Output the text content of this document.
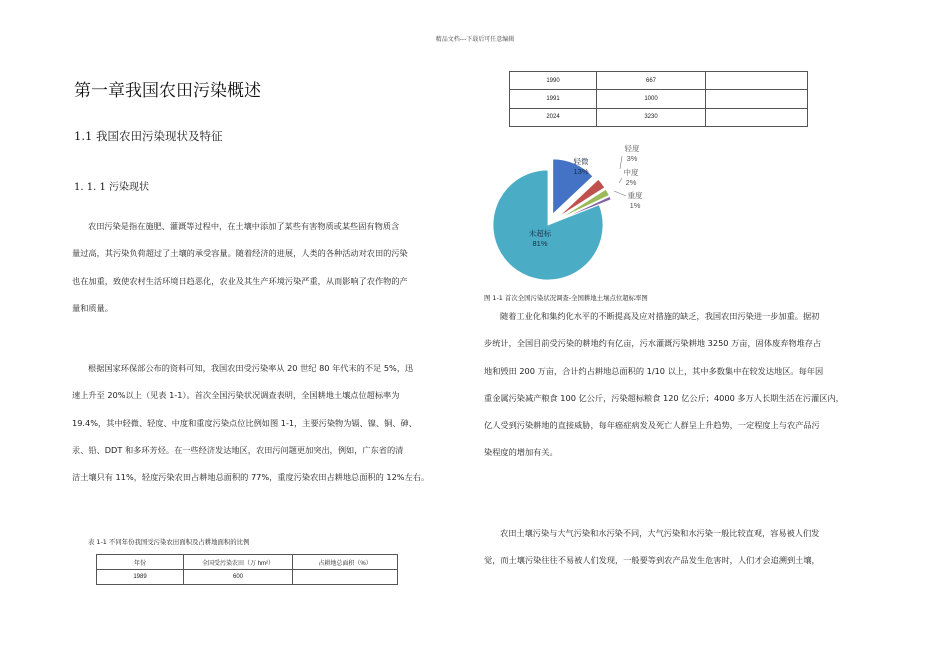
精品文档---下载后可任意编辑
第一章我国农田污染概述
1.1 我国农田污染现状及特征
1. 1. 1 污染现状
农田污染是指在施肥、灌溉等过程中，在土壤中添加了某些有害物质或某些固有物质含
量过高，其污染负荷超过了土壤的承受容量。随着经济的进展，人类的各种活动对农田的污染
也在加重，致使农村生活环境日趋恶化，农业及其生产环境污染严重，从而影响了农作物的产
量和质量。
根据国家环保部公布的资料可知，我国农田受污染率从 20 世纪 80 年代末的不足 5%，迅
速上升至 20%以上（见表 1-1）。首次全国污染状况调查表明，全国耕地土壤点位超标率为
19.4%，其中轻微、轻度、中度和重度污染点位比例如图 1-1，主要污染物为镉、镍、铜、砷、
汞、铅、DDT 和多环芳烃。在一些经济发达地区，农田污问题更加突出，例如，广东省的清
洁土壤只有 11%，轻度污染农田占耕地总面积的 77%，重度污染农田占耕地总面积的 12%左右。
表 1-1 不同年份我国受污染农田面积及占耕地面积的比例
年份	全国受污染农田（万 hm²）	占耕地总面积（%）
1989	600	
1990	667	
1991	1000	
2024	3230	
轻微
13%
轻度
3%
中度
2%
重度
1%
未超标
81%
图 1-1 首次全国污染状况调查-全国耕地土壤点位超标率图
随着工业化和集约化水平的不断提高及应对措施的缺乏，我国农田污染进一步加重。据初
步统计，全国目前受污染的耕地约有亿亩，污水灌溉污染耕地 3250 万亩，固体废弃物堆存占
地和毁田 200 万亩，合计约占耕地总面积的 1/10 以上，其中多数集中在较发达地区。每年因
重金属污染减产粮食 100 亿公斤，污染超标粮食 120 亿公斤；4000 多万人长期生活在污灌区内，
亿人受到污染耕地的直接威胁，每年癌症病发及死亡人群呈上升趋势，一定程度上与农产品污
染程度的增加有关。
农田土壤污染与大气污染和水污染不同，大气污染和水污染一般比较直观，容易被人们发
觉，而土壤污染往往不易被人们发现，一般要等到农产品发生危害时，人们才会追溯到土壤，
